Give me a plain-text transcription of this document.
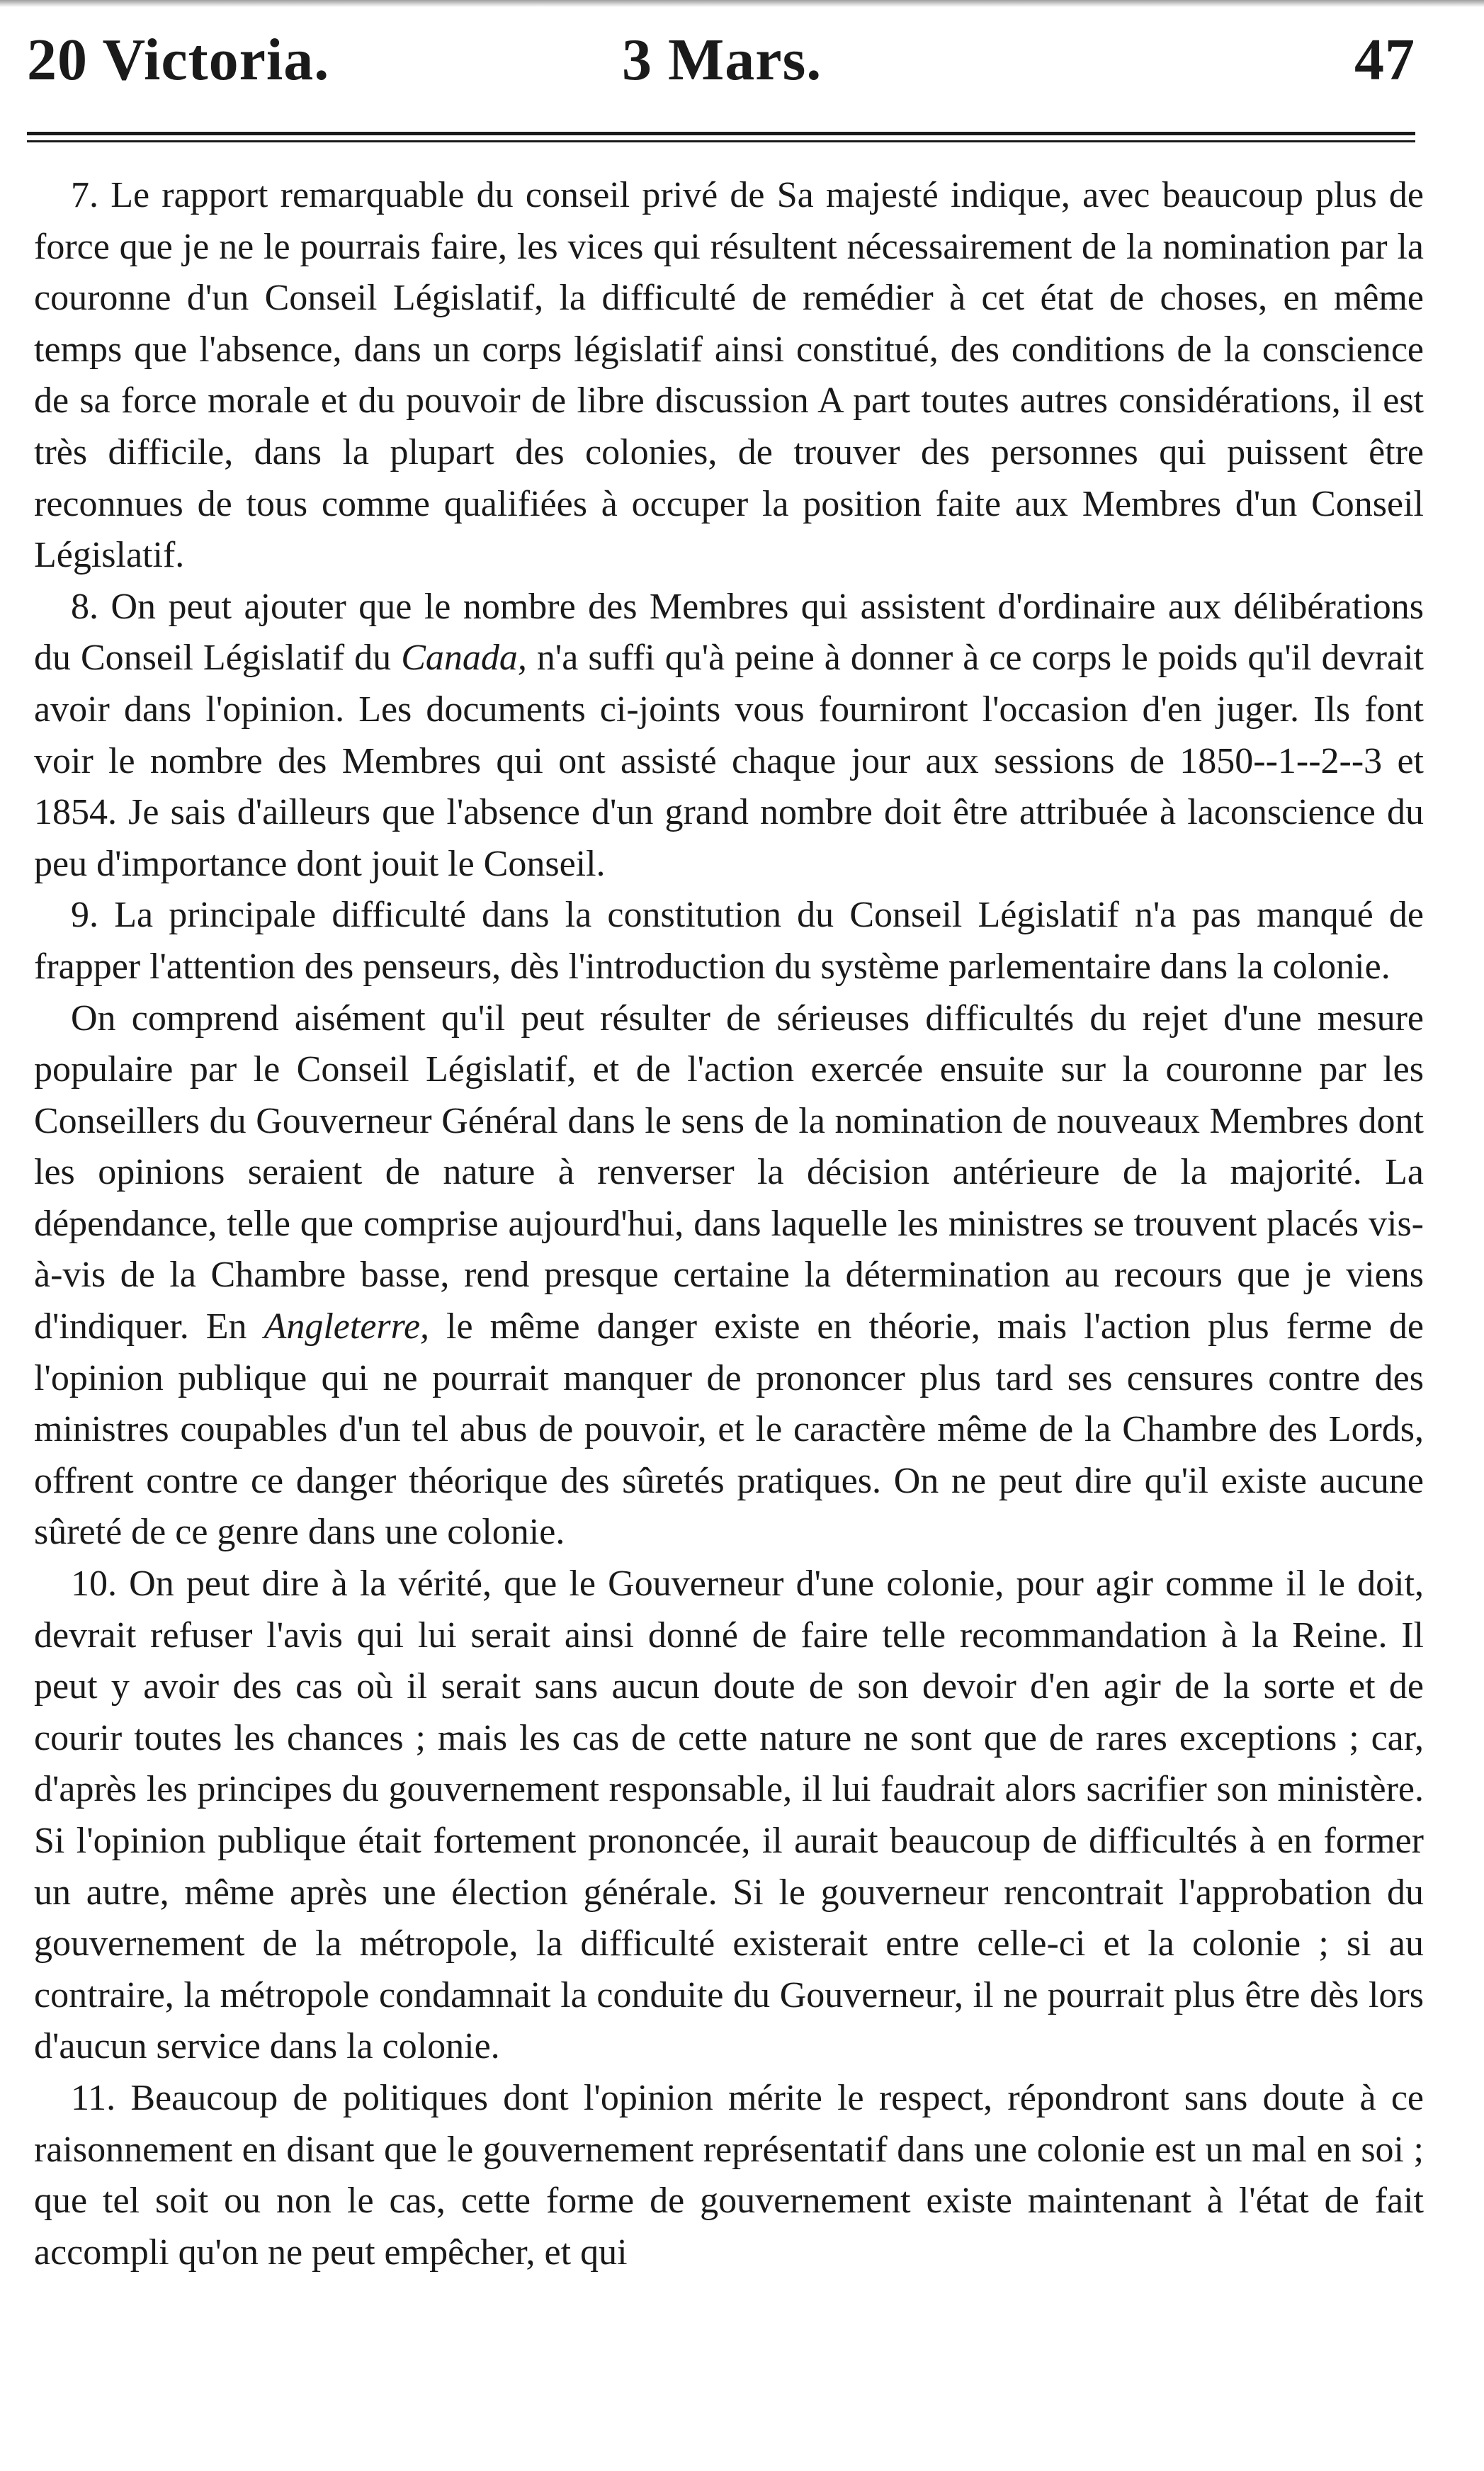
20 Victoria.	3 Mars.	47

7. Le rapport remarquable du conseil privé de Sa majesté indique, avec beaucoup plus de force que je ne le pourrais faire, les vices qui résultent nécessairement de la nomination par la couronne d'un Conseil Législatif, la difficulté de remédier à cet état de choses, en même temps que l'absence, dans un corps législatif ainsi constitué, des conditions de la conscience de sa force morale et du pouvoir de libre discussion A part toutes autres considérations, il est très difficile, dans la plupart des colonies, de trouver des personnes qui puissent être reconnues de tous comme qualifiées à occuper la position faite aux Membres d'un Conseil Législatif.

8. On peut ajouter que le nombre des Membres qui assistent d'ordinaire aux délibérations du Conseil Législatif du Canada, n'a suffi qu'à peine à donner à ce corps le poids qu'il devrait avoir dans l'opinion. Les documents ci-joints vous fourniront l'occasion d'en juger. Ils font voir le nombre des Membres qui ont assisté chaque jour aux sessions de 1850--1--2--3 et 1854. Je sais d'ailleurs que l'absence d'un grand nombre doit être attribuée à laconscience du peu d'importance dont jouit le Conseil.

9. La principale difficulté dans la constitution du Conseil Législatif n'a pas manqué de frapper l'attention des penseurs, dès l'introduction du système parlementaire dans la colonie.

On comprend aisément qu'il peut résulter de sérieuses difficultés du rejet d'une mesure populaire par le Conseil Législatif, et de l'action exercée ensuite sur la couronne par les Conseillers du Gouverneur Général dans le sens de la nomination de nouveaux Membres dont les opinions seraient de nature à renverser la décision antérieure de la majorité. La dépendance, telle que comprise aujourd'hui, dans laquelle les ministres se trouvent placés vis-à-vis de la Chambre basse, rend presque certaine la détermination au recours que je viens d'indiquer. En Angleterre, le même danger existe en théorie, mais l'action plus ferme de l'opinion publique qui ne pourrait manquer de prononcer plus tard ses censures contre des ministres coupables d'un tel abus de pouvoir, et le caractère même de la Chambre des Lords, offrent contre ce danger théorique des sûretés pratiques. On ne peut dire qu'il existe aucune sûreté de ce genre dans une colonie.

10. On peut dire à la vérité, que le Gouverneur d'une colonie, pour agir comme il le doit, devrait refuser l'avis qui lui serait ainsi donné de faire telle recommandation à la Reine. Il peut y avoir des cas où il serait sans aucun doute de son devoir d'en agir de la sorte et de courir toutes les chances ; mais les cas de cette nature ne sont que de rares exceptions ; car, d'après les principes du gouvernement responsable, il lui faudrait alors sacrifier son ministère. Si l'opinion publique était fortement prononcée, il aurait beaucoup de difficultés à en former un autre, même après une élection générale. Si le gouverneur rencontrait l'approbation du gouvernement de la métropole, la difficulté existerait entre celle-ci et la colonie ; si au contraire, la métropole condamnait la conduite du Gouverneur, il ne pourrait plus être dès lors d'aucun service dans la colonie.

11. Beaucoup de politiques dont l'opinion mérite le respect, répondront sans doute à ce raisonnement en disant que le gouvernement représentatif dans une colonie est un mal en soi ; que tel soit ou non le cas, cette forme de gouvernement existe maintenant à l'état de fait accompli qu'on ne peut empêcher, et qui
